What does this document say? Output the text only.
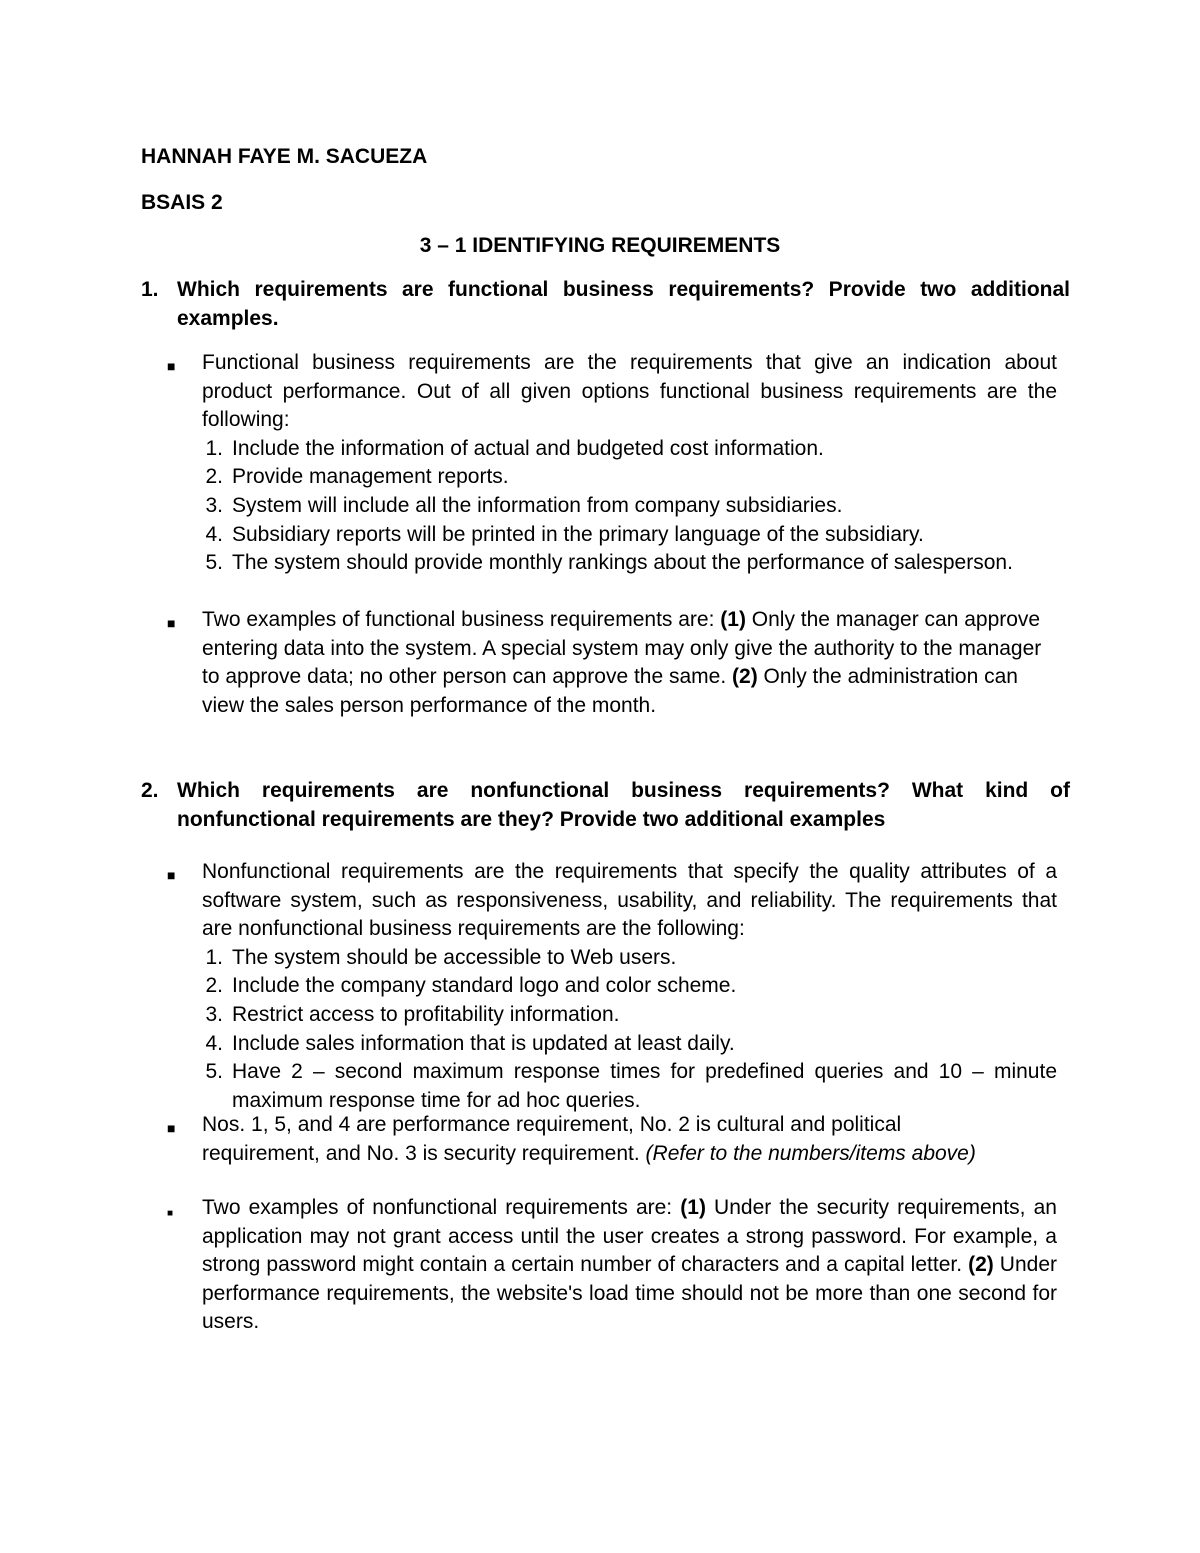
HANNAH FAYE M. SACUEZA
BSAIS 2
3 – 1 IDENTIFYING REQUIREMENTS
1. Which requirements are functional business requirements? Provide two additional examples.
■	Functional business requirements are the requirements that give an indication about product performance. Out of all given options functional business requirements are the following:
1. Include the information of actual and budgeted cost information.
2. Provide management reports.
3. System will include all the information from company subsidiaries.
4. Subsidiary reports will be printed in the primary language of the subsidiary.
5. The system should provide monthly rankings about the performance of salesperson.
■	Two examples of functional business requirements are: (1) Only the manager can approve entering data into the system. A special system may only give the authority to the manager to approve data; no other person can approve the same. (2) Only the administration can view the sales person performance of the month.
2. Which requirements are nonfunctional business requirements? What kind of nonfunctional requirements are they? Provide two additional examples
■	Nonfunctional requirements are the requirements that specify the quality attributes of a software system, such as responsiveness, usability, and reliability. The requirements that are nonfunctional business requirements are the following:
1. The system should be accessible to Web users.
2. Include the company standard logo and color scheme.
3. Restrict access to profitability information.
4. Include sales information that is updated at least daily.
5. Have 2 – second maximum response times for predefined queries and 10 – minute maximum response time for ad hoc queries.
■	Nos. 1, 5, and 4 are performance requirement, No. 2 is cultural and political requirement, and No. 3 is security requirement. (Refer to the numbers/items above)
■	Two examples of nonfunctional requirements are: (1) Under the security requirements, an application may not grant access until the user creates a strong password. For example, a strong password might contain a certain number of characters and a capital letter. (2) Under performance requirements, the website's load time should not be more than one second for users.
